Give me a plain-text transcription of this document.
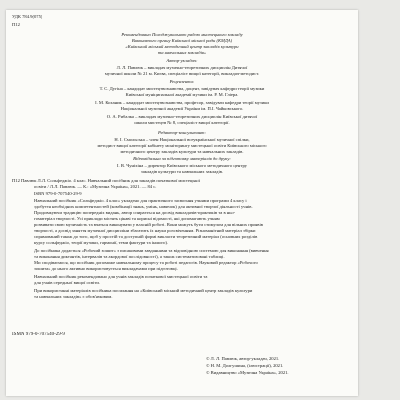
УДК 784.9(075)

П12

Рекомендовано Погоджувальною радою мистецького закладу
Виконавчого органу Київської міської ради (КМДА)
«Київський міський методичний центр закладів культури
та навчальних закладів»
Автор-укладач:
Л. Л. Павлюк – викладач музично-теоретичних дисциплін Дитячої
музичної школи № 21 м. Києва, спеціаліст вищої категорії, викладач-методист.
Рецензенти:
Т. С. Дугіна – кандидат мистецтвознавства, доцент, завідувач кафедри теорії музики
Київської муніципальної академії музики ім. Р. М. Гліера.
І. М. Коханик – кандидат мистецтвознавства, професор, завідувач кафедри теорії музики
Національної музичної академії України ім. П.І. Чайковського.
О. А. Рибалка – викладач музично-теоретичних дисциплін Київської дитячої
школи мистецтв № 8, спеціаліст вищої категорії.
Редактор-консультант:
Н. І. Смольська – член Національної всеукраїнської музичної спілки,
методист вищої категорії кабінету моніторингу мистецької освіти Київського міського
методичного центру закладів культури та навчальних закладів.
Відповідальна за підготовку матеріалів до друку:
І. В. Чуніхіна – директор Київського міського методичного центру
закладів культури та навчальних закладів.
П12 Павлюк Л.Л. Сольфеджіо. 4 клас. Навчальний посібник для закладів початкової мистецької
освіти / Л.Л. Павлюк. — К.: «Музична Україна», 2021. — 84 с.
ISBN 979-0-707540-29-9
Навчальний посібник «Сольфеджіо. 4 клас» укладено для практичного засвоєння учнями програми 4 класу і
здобуття необхідних компетентностей (комбінації знань, умінь, навичок) для активної творчої діяльності учнів.
Продовжуючи традицію попередніх видань, автор спирається на досвід викладачів-практиків та в ньо-
гоматеріал творчості. Усі приклади містять цікаві та корисні відомості, які допомагають учням
розвивати свою музичність та вчаться виконувати у власній роботі. Вони можуть бути стимулом для вільних проявів
творчості, а досвід заняття музичної дисципліни збагатить їх науки розсвіченням. Різноманітний матеріал збірки
спрямований також до того, щоб у простій та доступній формі викласти теоретичний матеріал (основних розділів
курсу сольфеджіо, теорії музики, гармонії, теми фактури та іншого).
До посібника додається «Робочий зошит» з писаковими завданнями та відповідною системою для виконання (вивчення
та виконання диктантів, інтервалів та акордової послідовності), а також систематизовані таблиці.
Ми сподіваємося, що посібник допоможе навчальному процесу та роботі педагогів. Науковий редактор «Робочого
зошита» до нього активно використовується викладачами при підготовці.
Навчальний посібник рекомендовано для учнів закладів початкової мистецької освіти та
для учнів середньої вищої освіти.
При використанні матеріалів посібника посилання на «Київський міський методичний центр закладів культури
та навчальних закладів» є обов'язковим.
ISMN 979-0-707540-29-9
© Л. Л. Павлюк, автор-укладач, 2021.
© Н. М. Долгушина, (ілюстрації), 2021.
© Видавництво «Музична Україна», 2021.
